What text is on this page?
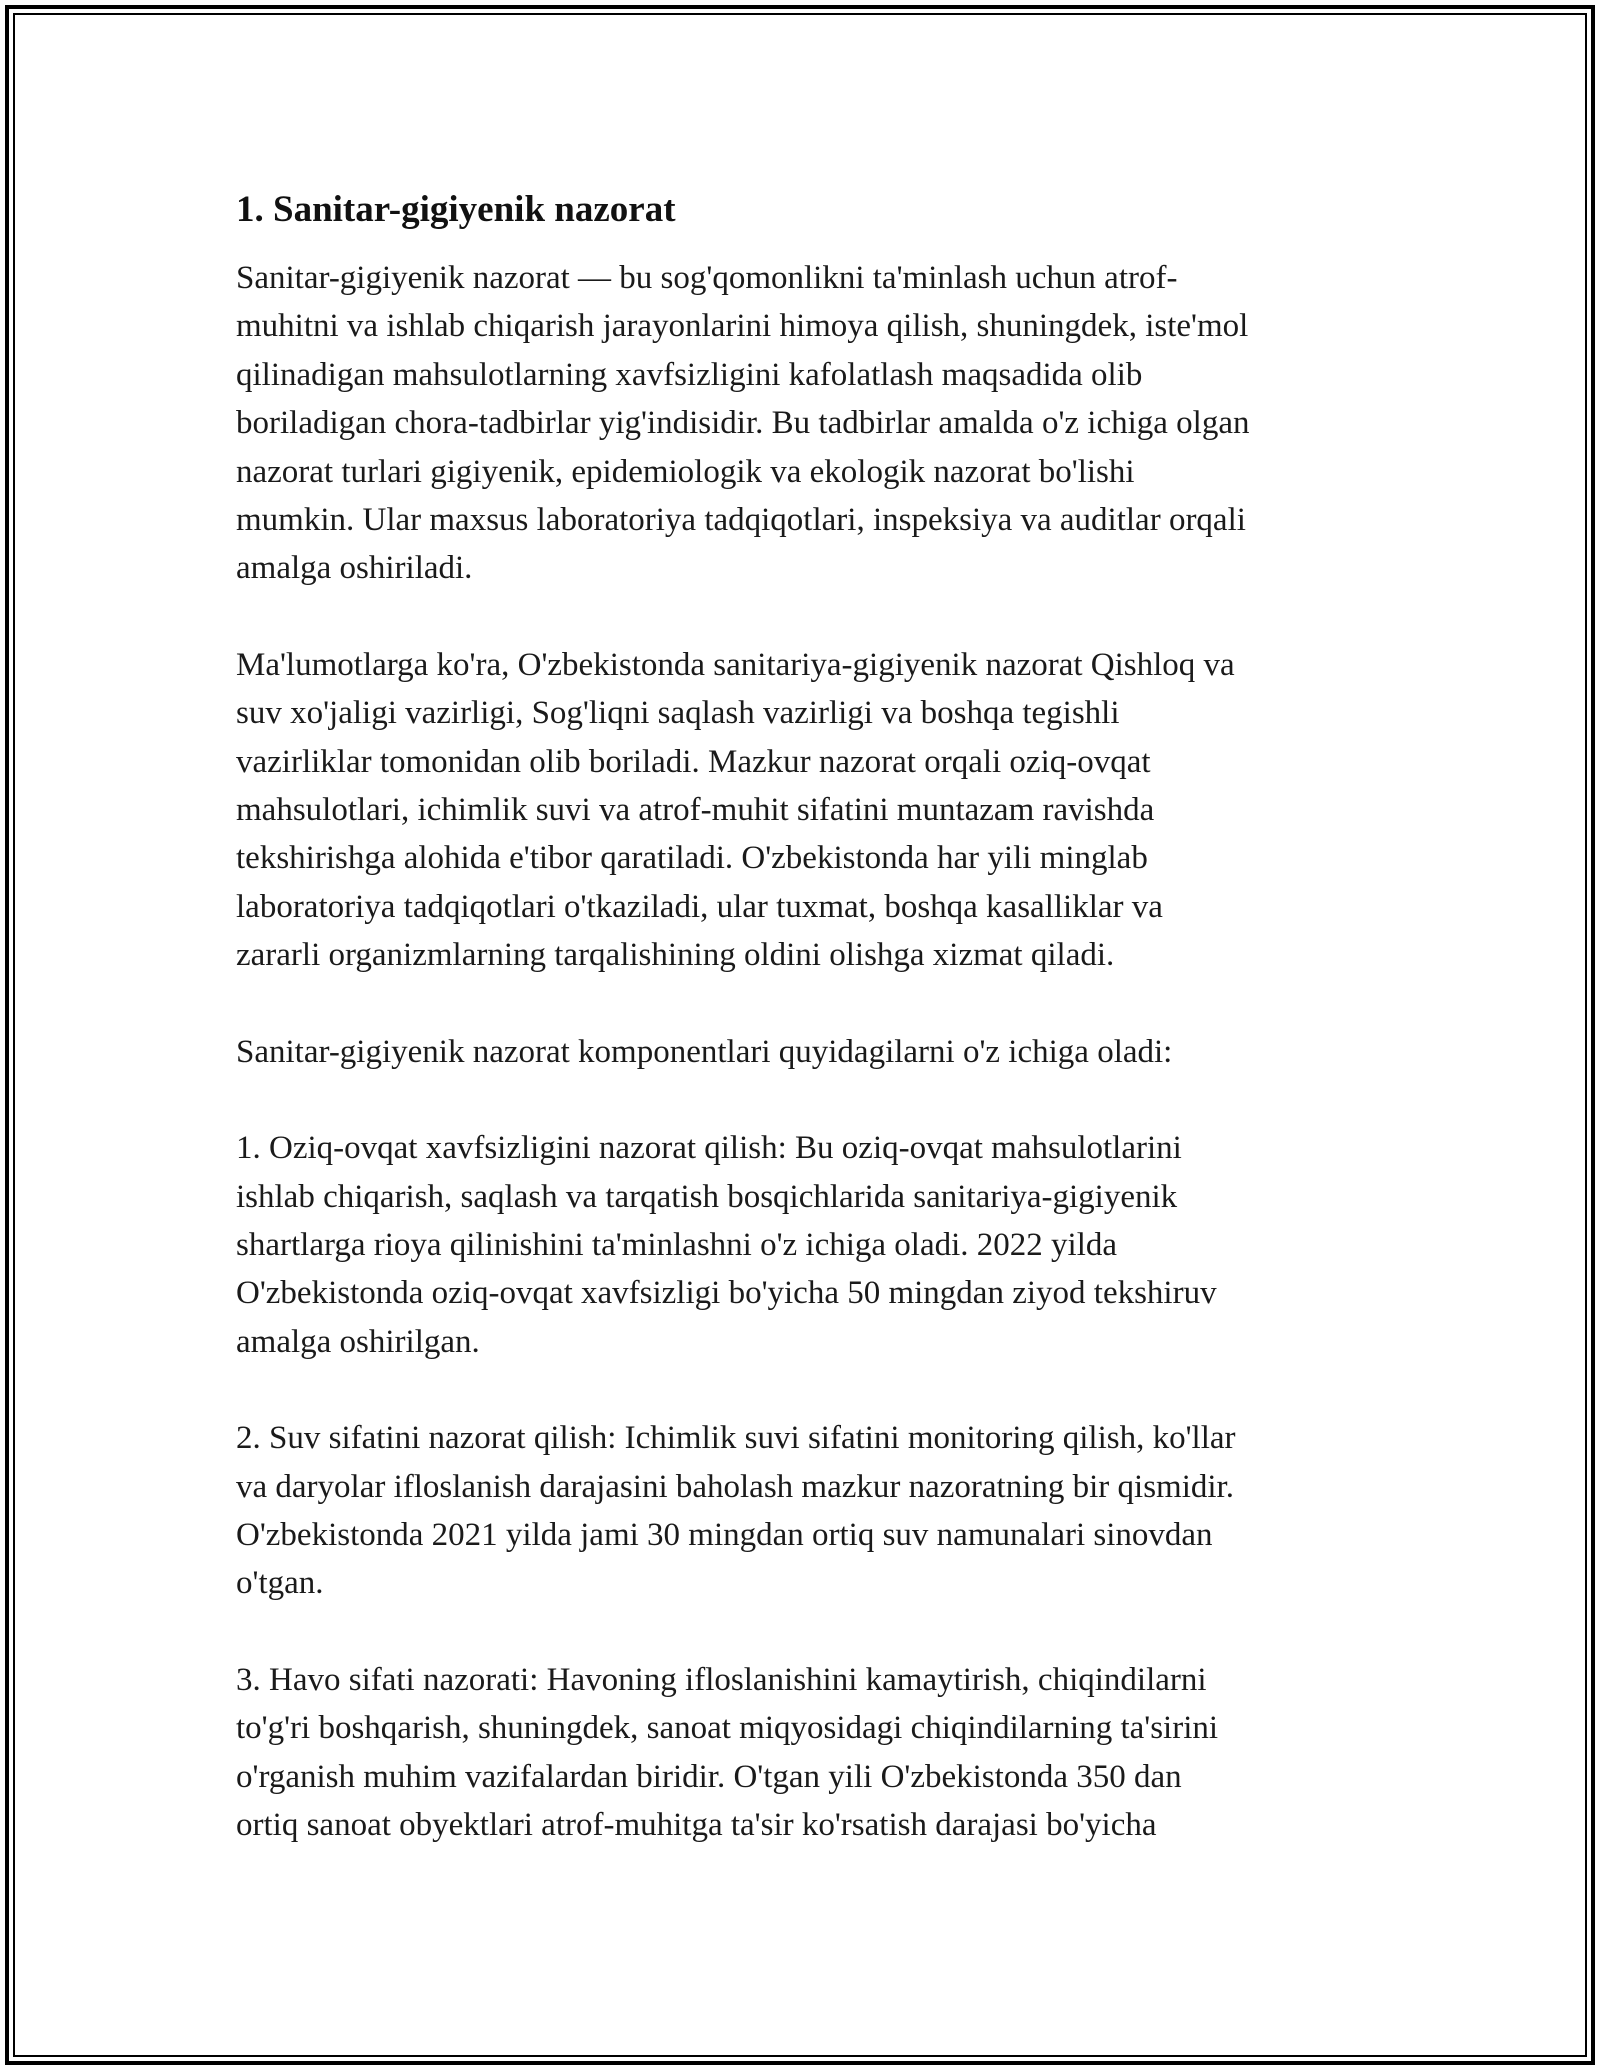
1. Sanitar-gigiyenik nazorat

Sanitar-gigiyenik nazorat — bu sog'qomonlikni ta'minlash uchun atrof-
muhitni va ishlab chiqarish jarayonlarini himoya qilish, shuningdek, iste'mol
qilinadigan mahsulotlarning xavfsizligini kafolatlash maqsadida olib
boriladigan chora-tadbirlar yig'indisidir. Bu tadbirlar amalda o'z ichiga olgan
nazorat turlari gigiyenik, epidemiologik va ekologik nazorat bo'lishi
mumkin. Ular maxsus laboratoriya tadqiqotlari, inspeksiya va auditlar orqali
amalga oshiriladi.

Ma'lumotlarga ko'ra, O'zbekistonda sanitariya-gigiyenik nazorat Qishloq va
suv xo'jaligi vazirligi, Sog'liqni saqlash vazirligi va boshqa tegishli
vazirliklar tomonidan olib boriladi. Mazkur nazorat orqali oziq-ovqat
mahsulotlari, ichimlik suvi va atrof-muhit sifatini muntazam ravishda
tekshirishga alohida e'tibor qaratiladi. O'zbekistonda har yili minglab
laboratoriya tadqiqotlari o'tkaziladi, ular tuxmat, boshqa kasalliklar va
zararli organizmlarning tarqalishining oldini olishga xizmat qiladi.

Sanitar-gigiyenik nazorat komponentlari quyidagilarni o'z ichiga oladi:

1. Oziq-ovqat xavfsizligini nazorat qilish: Bu oziq-ovqat mahsulotlarini
ishlab chiqarish, saqlash va tarqatish bosqichlarida sanitariya-gigiyenik
shartlarga rioya qilinishini ta'minlashni o'z ichiga oladi. 2022 yilda
O'zbekistonda oziq-ovqat xavfsizligi bo'yicha 50 mingdan ziyod tekshiruv
amalga oshirilgan.

2. Suv sifatini nazorat qilish: Ichimlik suvi sifatini monitoring qilish, ko'llar
va daryolar ifloslanish darajasini baholash mazkur nazoratning bir qismidir.
O'zbekistonda 2021 yilda jami 30 mingdan ortiq suv namunalari sinovdan
o'tgan.

3. Havo sifati nazorati: Havoning ifloslanishini kamaytirish, chiqindilarni
to'g'ri boshqarish, shuningdek, sanoat miqyosidagi chiqindilarning ta'sirini
o'rganish muhim vazifalardan biridir. O'tgan yili O'zbekistonda 350 dan
ortiq sanoat obyektlari atrof-muhitga ta'sir ko'rsatish darajasi bo'yicha
